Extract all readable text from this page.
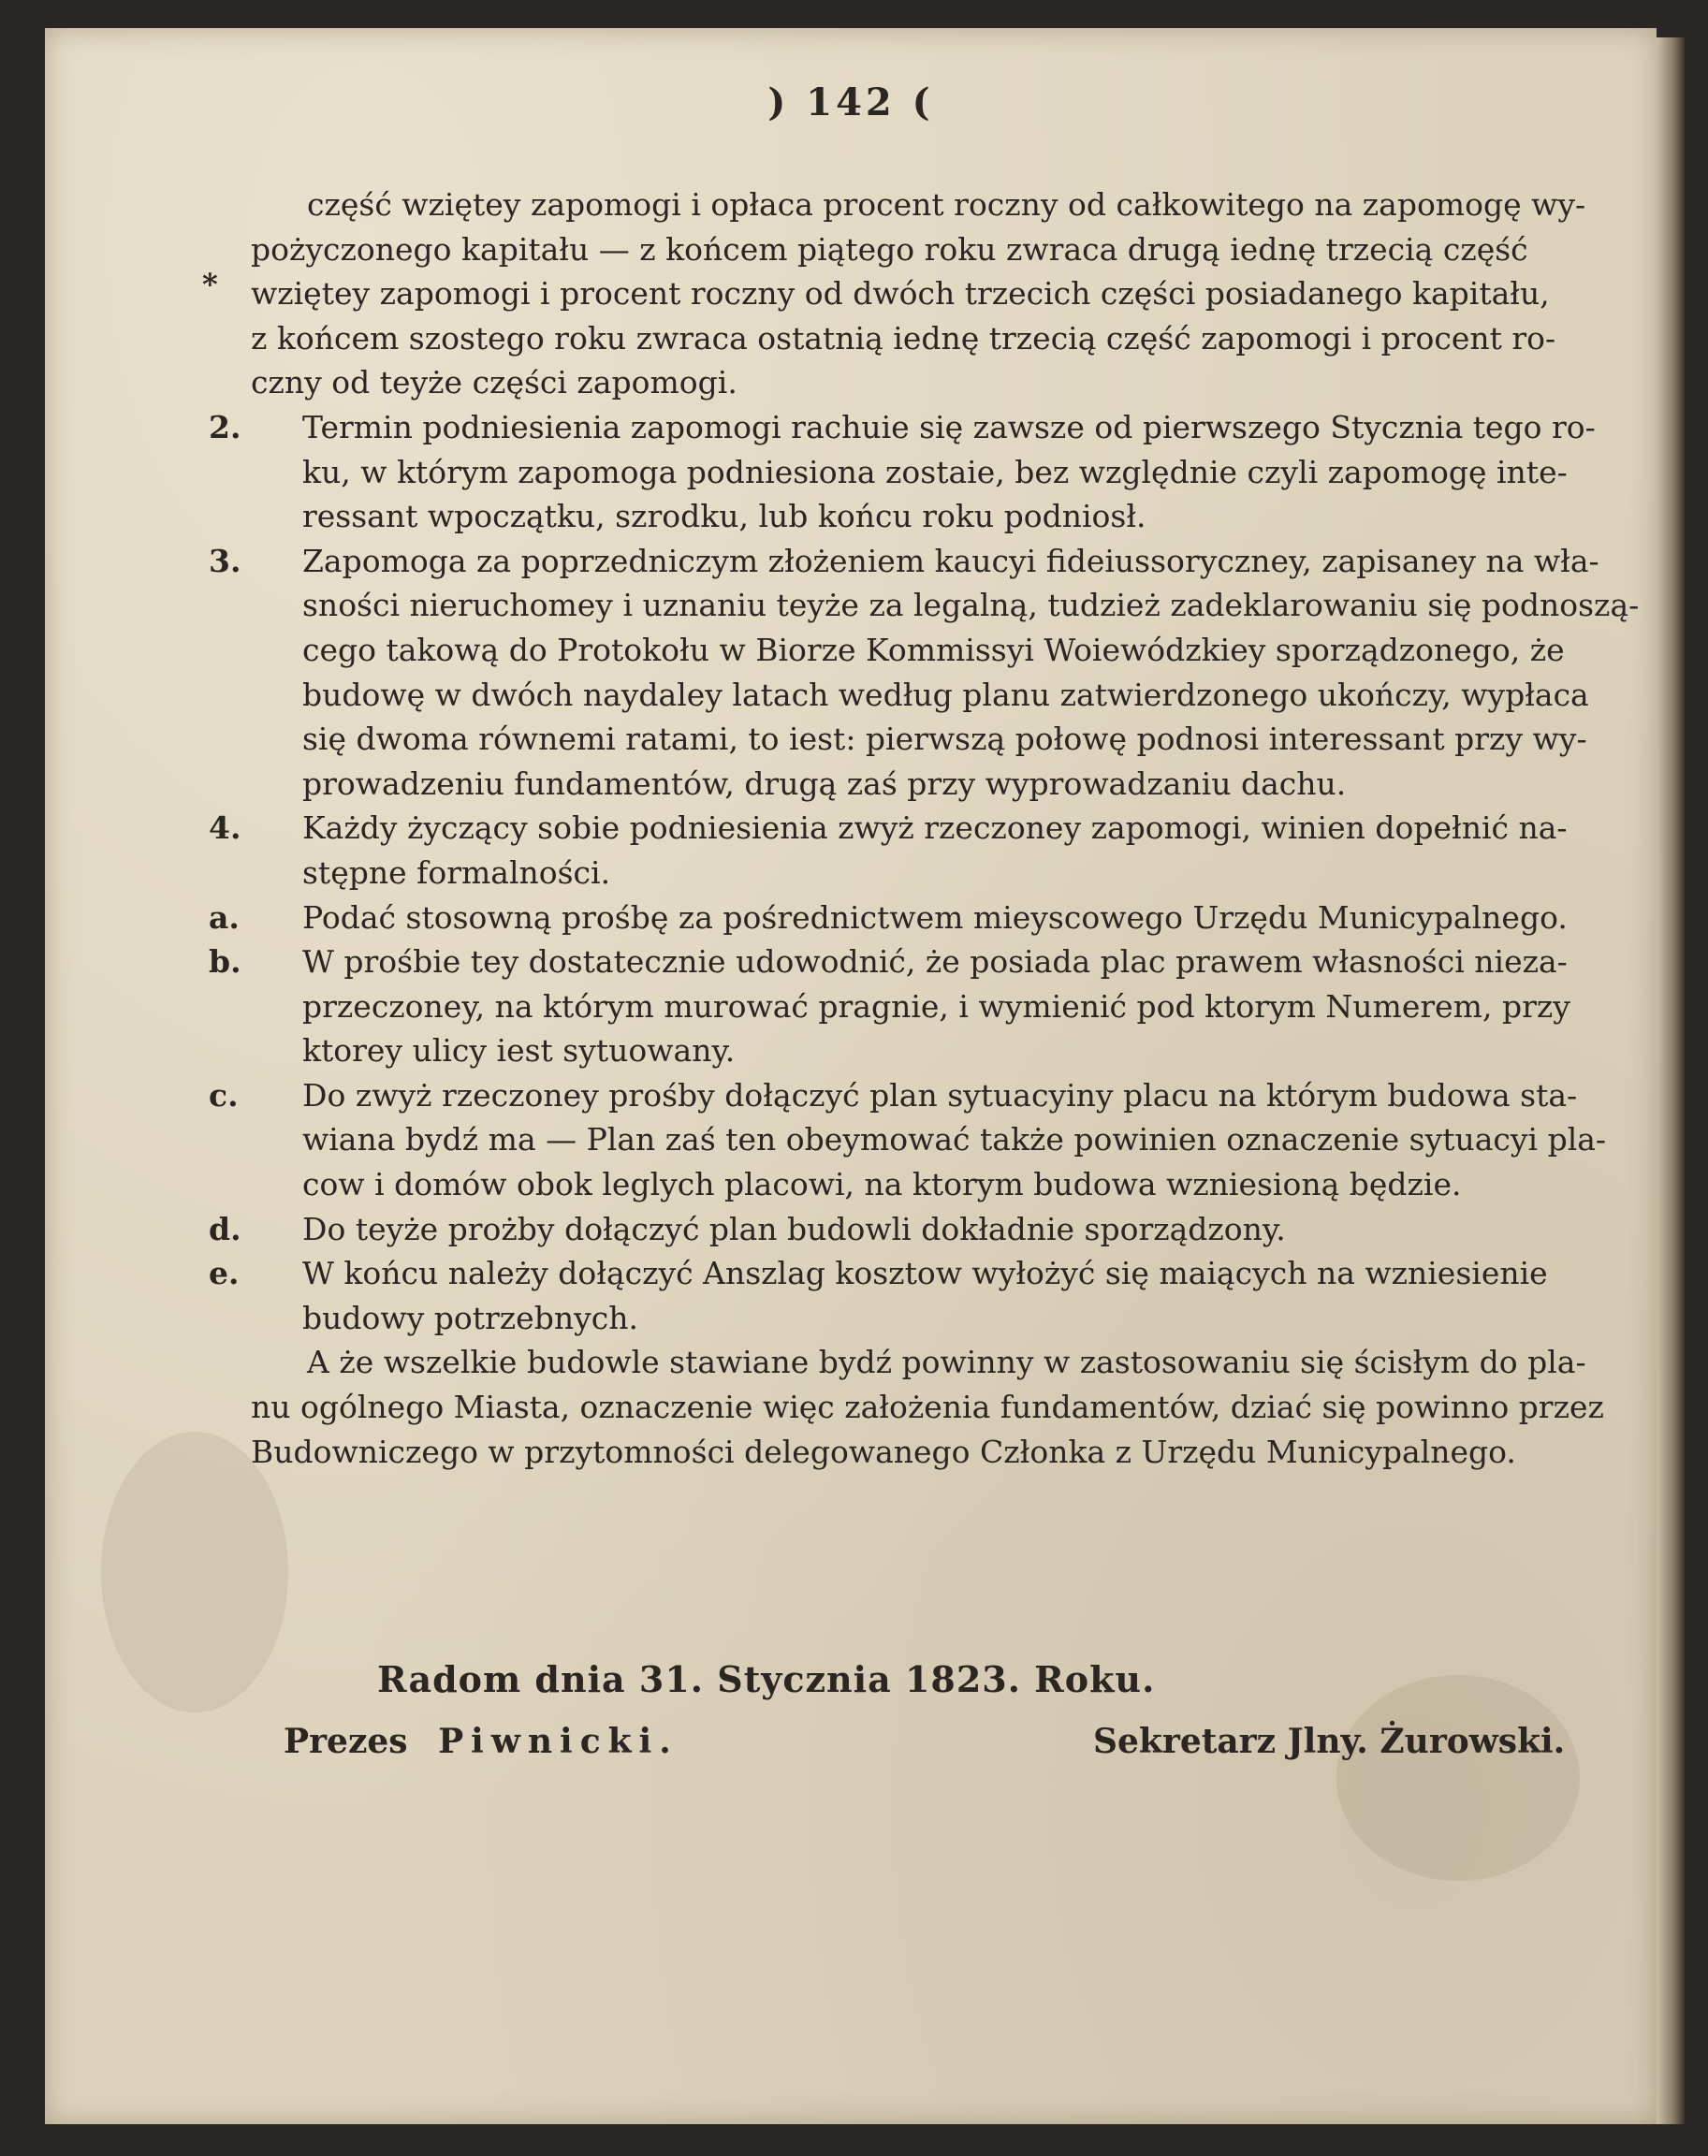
) 142 (
*
część wziętey zapomogi i opłaca procent roczny od całkowitego na zapomogę wy-
pożyczonego kapitału — z końcem piątego roku zwraca drugą iednę trzecią część
wziętey zapomogi i procent roczny od dwóch trzecich części posiadanego kapitału,
z końcem szostego roku zwraca ostatnią iednę trzecią część zapomogi i procent ro-
czny od teyże części zapomogi.
2. Termin podniesienia zapomogi rachuie się zawsze od pierwszego Stycznia tego ro-
ku, w którym zapomoga podniesiona zostaie, bez względnie czyli zapomogę inte-
ressant wpoczątku, szrodku, lub końcu roku podniosł.
3. Zapomoga za poprzedniczym złożeniem kaucyi fideiussoryczney, zapisaney na wła-
sności nieruchomey i uznaniu teyże za legalną, tudzież zadeklarowaniu się podnoszą-
cego takową do Protokołu w Biorze Kommissyi Woiewódzkiey sporządzonego, że
budowę w dwóch naydaley latach według planu zatwierdzonego ukończy, wypłaca
się dwoma równemi ratami, to iest: pierwszą połowę podnosi interessant przy wy-
prowadzeniu fundamentów, drugą zaś przy wyprowadzaniu dachu.
4. Każdy życzący sobie podniesienia zwyż rzeczoney zapomogi, winien dopełnić na-
stępne formalności.
a. Podać stosowną prośbę za pośrednictwem mieyscowego Urzędu Municypalnego.
b. W prośbie tey dostatecznie udowodnić, że posiada plac prawem własności nieza-
przeczoney, na którym murować pragnie, i wymienić pod ktorym Numerem, przy
ktorey ulicy iest sytuowany.
c. Do zwyż rzeczoney prośby dołączyć plan sytuacyiny placu na którym budowa sta-
wiana bydź ma — Plan zaś ten obeymować także powinien oznaczenie sytuacyi pla-
cow i domów obok leglych placowi, na ktorym budowa wzniesioną będzie.
d. Do teyże prożby dołączyć plan budowli dokładnie sporządzony.
e. W końcu należy dołączyć Anszlag kosztow wyłożyć się maiących na wzniesienie
budowy potrzebnych.
A że wszelkie budowle stawiane bydź powinny w zastosowaniu się ścisłym do pla-
nu ogólnego Miasta, oznaczenie więc założenia fundamentów, dziać się powinno przez
Budowniczego w przytomności delegowanego Członka z Urzędu Municypalnego.
Radom dnia 31. Stycznia 1823. Roku.
Prezes Piwnicki.	Sekretarz Jlny. Żurowski.
